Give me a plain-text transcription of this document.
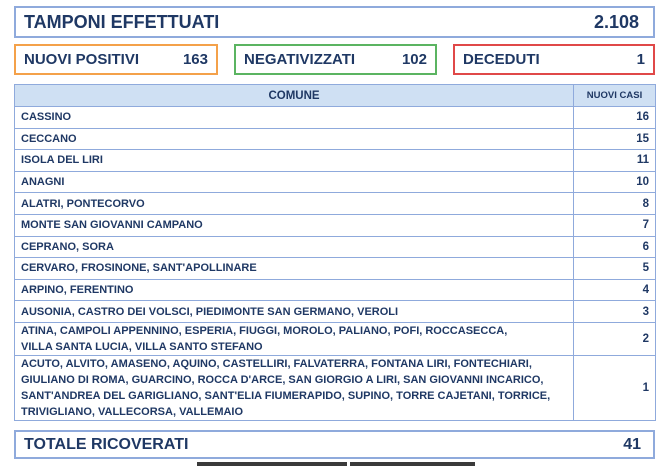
TAMPONI EFFETTUATI	2.108
NUOVI POSITIVI	163 NEGATIVIZZATI	102 DECEDUTI	1
COMUNE	NUOVI CASI
CASSINO	16
CECCANO	15
ISOLA DEL LIRI	11
ANAGNI	10
ALATRI, PONTECORVO	8
MONTE SAN GIOVANNI CAMPANO	7
CEPRANO, SORA	6
CERVARO, FROSINONE, SANT'APOLLINARE	5
ARPINO, FERENTINO	4
AUSONIA, CASTRO DEI VOLSCI, PIEDIMONTE SAN GERMANO, VEROLI	3
ATINA, CAMPOLI APPENNINO, ESPERIA, FIUGGI, MOROLO, PALIANO, POFI, ROCCASECCA,
VILLA SANTA LUCIA, VILLA SANTO STEFANO	2
ACUTO, ALVITO, AMASENO, AQUINO, CASTELLIRI, FALVATERRA, FONTANA LIRI, FONTECHIARI,
GIULIANO DI ROMA, GUARCINO, ROCCA D'ARCE, SAN GIORGIO A LIRI, SAN GIOVANNI INCARICO,
SANT'ANDREA DEL GARIGLIANO, SANT'ELIA FIUMERAPIDO, SUPINO, TORRE CAJETANI, TORRICE,
TRIVIGLIANO, VALLECORSA, VALLEMAIO	1
TOTALE RICOVERATI	41
